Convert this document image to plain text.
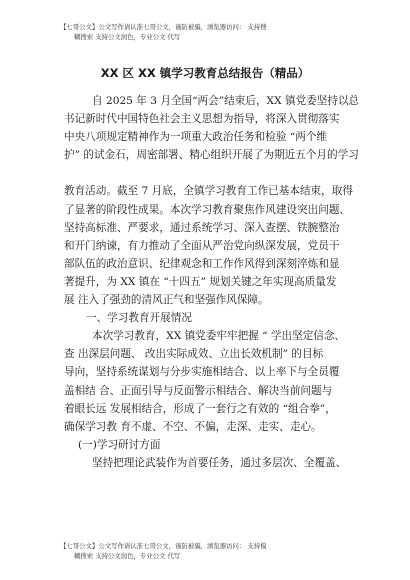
【七哥公文】公文写作请认准七哥公文，谨防被骗，浏览器访问： 支持搜
糊搜索 支持公文润色，专业公文 代写
XX 区 XX 镇学习教育总结报告（精品）
自 2025 年 3 月全国“两会”结束后，XX 镇党委坚持以总
书记新时代中国特色社会主义思想为指导，将深入贯彻落实
中央八项规定精神作为一项重大政治任务和检验 “两个维
护” 的试金石，周密部署、精心组织开展了为期近五个月的学习

教育活动。截至 7 月底，全镇学习教育工作已基本结束，取得
了显著的阶段性成果。本次学习教育聚焦作风建设突出问题、
坚持高标准、严要求，通过系统学习、深入查摆、铁腕整治
和开门纳谏，有力推动了全面从严治党向纵深发展，党员干
部队伍的政治意识、纪律观念和工作作风得到深刻淬炼和显
著提升，为 XX 镇在 “十四五” 规划关键之年实现高质量发
展 注入了强劲的清风正气和坚强作风保障。
一、学习教育开展情况
本次学习教育，XX 镇党委牢牢把握 “ 学出坚定信念、
查 出深层问题、 改出实际成效、立出长效机制” 的目标
导向，坚持系统谋划与分步实施相结合、以上率下与全员覆
盖相结 合、正面引导与反面警示相结合、解决当前问题与
着眼长远 发展相结合，形成了一套行之有效的 “组合拳”，
确保学习教 育不虚、不空、不偏，走深、走实、走心。
(一)学习研讨方面
坚持把理论武装作为首要任务，通过多层次、全覆盖、
【七哥公文】公文写作请认准七哥公文，谨防被骗，浏览器访问： 支持模
糊搜索 支持公文润色，专业公文 代写
